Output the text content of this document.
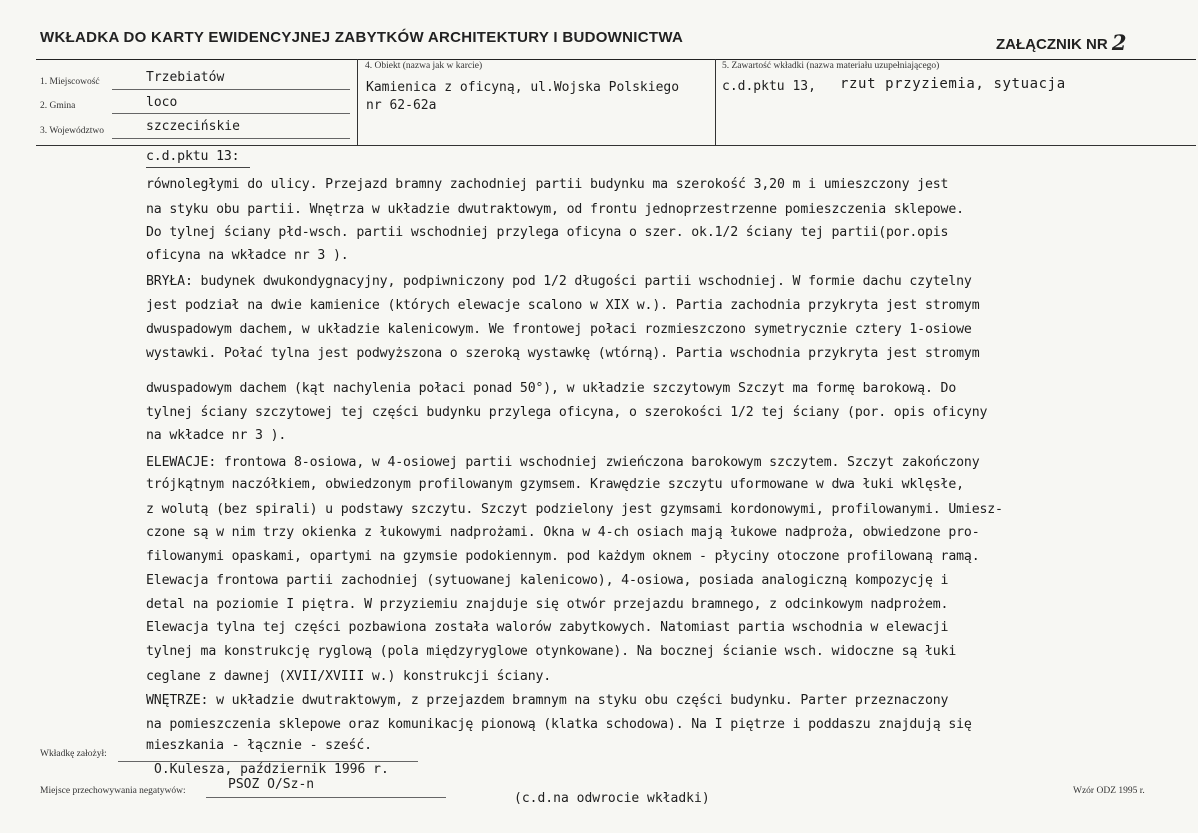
WKŁADKA DO KARTY EWIDENCYJNEJ ZABYTKÓW ARCHITEKTURY I BUDOWNICTWA	ZAŁĄCZNIK NR 2
1. Miejscowość	Trzebiatów
2. Gmina	loco
3. Województwo	szczecińskie
4. Obiekt (nazwa jak w karcie)
Kamienica z oficyną, ul.Wojska Polskiego
nr 62-62a
5. Zawartość wkładki (nazwa materiału uzupełniającego)
c.d.pktu 13, rzut przyziemia, sytuacja
c.d.pktu 13:
równoległymi do ulicy. Przejazd bramny zachodniej partii budynku ma szerokość 3,20 m i umieszczony jest
na styku obu partii. Wnętrza w układzie dwutraktowym, od frontu jednoprzestrzenne pomieszczenia sklepowe.
Do tylnej ściany płd-wsch. partii wschodniej przylega oficyna o szer. ok.1/2 ściany tej partii(por.opis
oficyna na wkładce nr 3 ).
BRYŁA: budynek dwukondygnacyjny, podpiwniczony pod 1/2 długości partii wschodniej. W formie dachu czytelny
jest podział na dwie kamienice (których elewacje scalono w XIX w.). Partia zachodnia przykryta jest stromym
dwuspadowym dachem, w układzie kalenicowym. We frontowej połaci rozmieszczono symetrycznie cztery 1-osiowe
wystawki. Połać tylna jest podwyższona o szeroką wystawkę (wtórną). Partia wschodnia przykryta jest stromym
dwuspadowym dachem (kąt nachylenia połaci ponad 50°), w układzie szczytowym Szczyt ma formę barokową. Do
tylnej ściany szczytowej tej części budynku przylega oficyna, o szerokości 1/2 tej ściany (por. opis oficyny
na wkładce nr 3 ).
ELEWACJE: frontowa 8-osiowa, w 4-osiowej partii wschodniej zwieńczona barokowym szczytem. Szczyt zakończony
trójkątnym naczółkiem, obwiedzonym profilowanym gzymsem. Krawędzie szczytu uformowane w dwa łuki wklęsłe,
z wolutą (bez spirali) u podstawy szczytu. Szczyt podzielony jest gzymsami kordonowymi, profilowanymi. Umiesz-
czone są w nim trzy okienka z łukowymi nadprożami. Okna w 4-ch osiach mają łukowe nadproża, obwiedzone pro-
filowanymi opaskami, opartymi na gzymsie podokiennym. pod każdym oknem - płyciny otoczone profilowaną ramą.
Elewacja frontowa partii zachodniej (sytuowanej kalenicowo), 4-osiowa, posiada analogiczną kompozycję i
detal na poziomie I piętra. W przyziemiu znajduje się otwór przejazdu bramnego, z odcinkowym nadprożem.
Elewacja tylna tej części pozbawiona została walorów zabytkowych. Natomiast partia wschodnia w elewacji
tylnej ma konstrukcję ryglową (pola międzyryglowe otynkowane). Na bocznej ścianie wsch. widoczne są łuki
ceglane z dawnej (XVII/XVIII w.) konstrukcji ściany.
WNĘTRZE: w układzie dwutraktowym, z przejazdem bramnym na styku obu części budynku. Parter przeznaczony
na pomieszczenia sklepowe oraz komunikację pionową (klatka schodowa). Na I piętrze i poddaszu znajdują się
mieszkania - łącznie - sześć.
Wkładkę założył:
O.Kulesza, październik 1996 r.
Miejsce przechowywania negatywów:	PSOZ O/Sz-n
(c.d.na odwrocie wkładki)	Wzór ODZ 1995 r.
